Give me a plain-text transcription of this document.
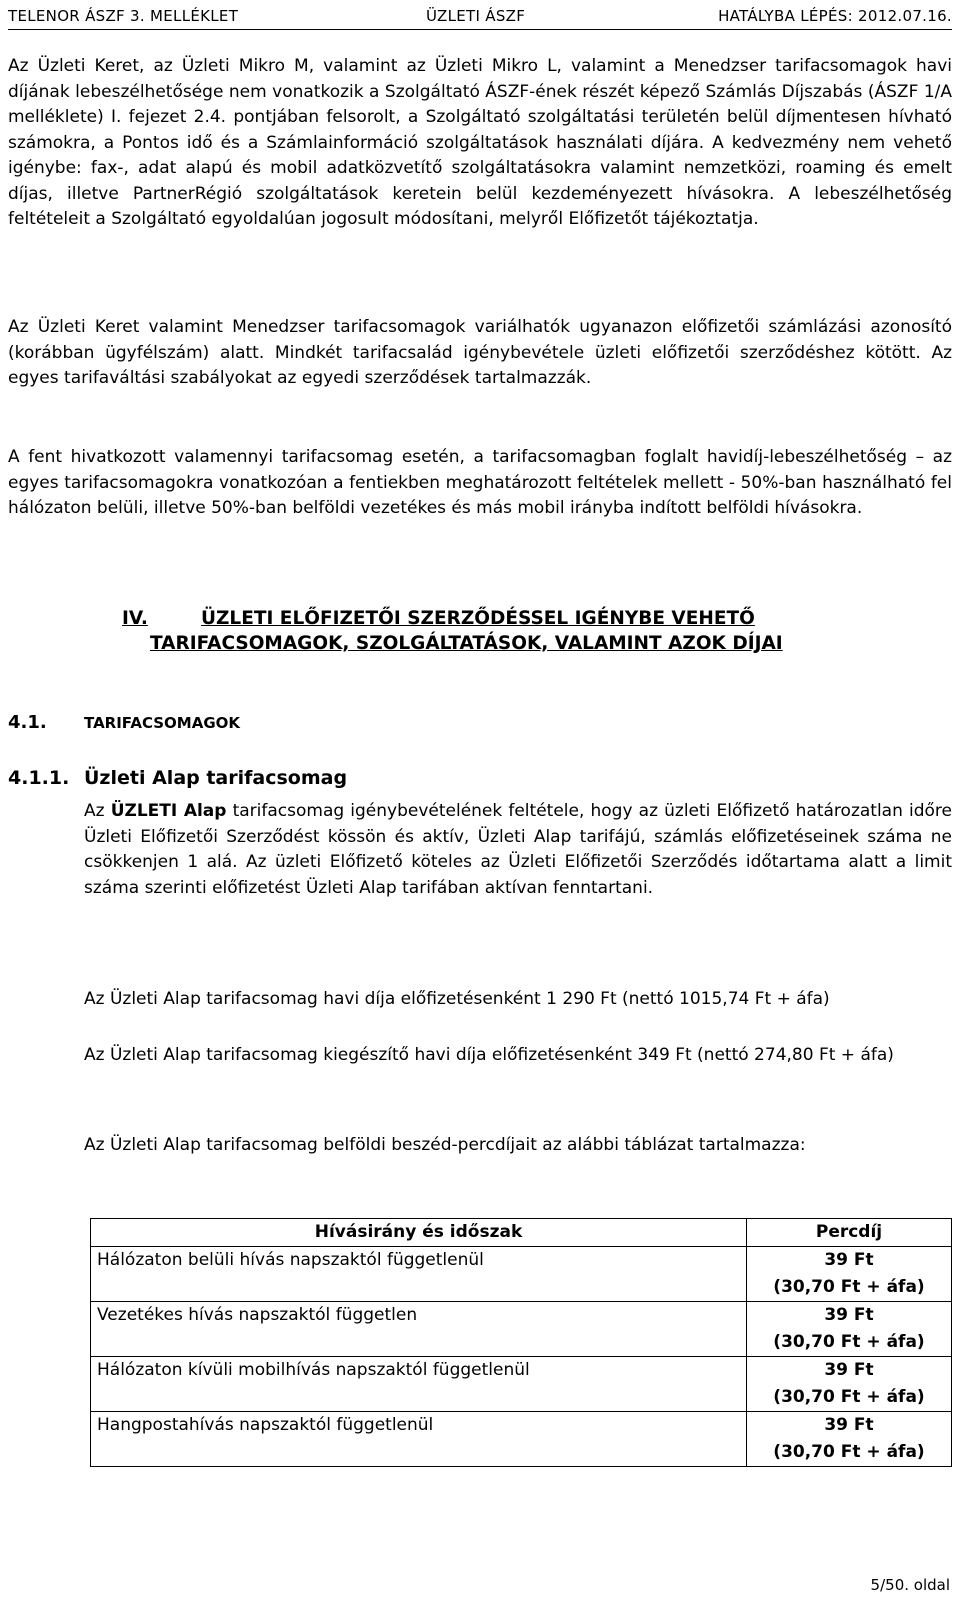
TELENOR ÁSZF 3. MELLÉKLET	ÜZLETI ÁSZF	HATÁLYBA LÉPÉS: 2012.07.16.

Az Üzleti Keret, az Üzleti Mikro M, valamint az Üzleti Mikro L, valamint a Menedzser tarifacsomagok havi díjának lebeszélhetősége nem vonatkozik a Szolgáltató ÁSZF-ének részét képező Számlás Díjszabás (ÁSZF 1/A melléklete) I. fejezet 2.4. pontjában felsorolt, a Szolgáltató szolgáltatási területén belül díjmentesen hívható számokra, a Pontos idő és a Számlainformáció szolgáltatások használati díjára. A kedvezmény nem vehető igénybe: fax-, adat alapú és mobil adatközvetítő szolgáltatásokra valamint nemzetközi, roaming és emelt díjas, illetve PartnerRégió szolgáltatások keretein belül kezdeményezett hívásokra. A lebeszélhetőség feltételeit a Szolgáltató egyoldalúan jogosult módosítani, melyről Előfizetőt tájékoztatja.

Az Üzleti Keret valamint Menedzser tarifacsomagok variálhatók ugyanazon előfizetői számlázási azonosító (korábban ügyfélszám) alatt. Mindkét tarifacsalád igénybevétele üzleti előfizetői szerződéshez kötött. Az egyes tarifaváltási szabályokat az egyedi szerződések tartalmazzák.

A fent hivatkozott valamennyi tarifacsomag esetén, a tarifacsomagban foglalt havidíj-lebeszélhetőség – az egyes tarifacsomagokra vonatkozóan a fentiekben meghatározott feltételek mellett - 50%-ban használható fel hálózaton belüli, illetve 50%-ban belföldi vezetékes és más mobil irányba indított belföldi hívásokra.

IV.	ÜZLETI ELŐFIZETŐI SZERZŐDÉSSEL IGÉNYBE VEHETŐ

TARIFACSOMAGOK, SZOLGÁLTATÁSOK, VALAMINT AZOK DÍJAI

4.1. TARIFACSOMAGOK
4.1.1. Üzleti Alap tarifacsomag

Az ÜZLETI Alap tarifacsomag igénybevételének feltétele, hogy az üzleti Előfizető határozatlan időre Üzleti Előfizetői Szerződést kössön és aktív, Üzleti Alap tarifájú, számlás előfizetéseinek száma ne csökkenjen 1 alá. Az üzleti Előfizető köteles az Üzleti Előfizetői Szerződés időtartama alatt a limit száma szerinti előfizetést Üzleti Alap tarifában aktívan fenntartani.

Az Üzleti Alap tarifacsomag havi díja előfizetésenként 1 290 Ft (nettó 1015,74 Ft + áfa)

Az Üzleti Alap tarifacsomag kiegészítő havi díja előfizetésenként 349 Ft (nettó 274,80 Ft + áfa)

Az Üzleti Alap tarifacsomag belföldi beszéd-percdíjait az alábbi táblázat tartalmazza:

Hívásirány és időszak	Percdíj
Hálózaton belüli hívás napszaktól függetlenül	39 Ft
(30,70 Ft + áfa)

Vezetékes hívás napszaktól független	39 Ft
(30,70 Ft + áfa)

Hálózaton kívüli mobilhívás napszaktól függetlenül	39 Ft
(30,70 Ft + áfa)

Hangpostahívás napszaktól függetlenül	39 Ft
(30,70 Ft + áfa)
5/50. oldal
